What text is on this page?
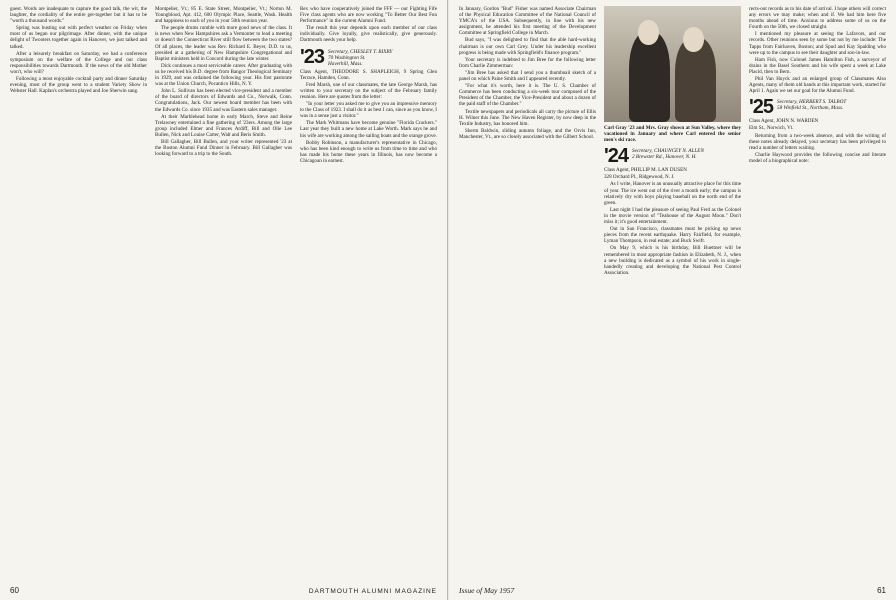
guest. Words are inadequate to capture the good talk, the wit, the laughter, the cordiality of the entire get-together but it has to be "worth a thousand words."

Spring was busting out with perfect weather on Friday when most of us began our pilgrimage. After dinner, with the unique delight of Twooters together again in Hanover, we just talked and talked.

After a leisurely breakfast on Saturday, we had a conference symposium on the welfare of the College and our class responsibilities towards Dartmouth. If the news of the old Mother won't, who will?

Following a most enjoyable cocktail party and dinner Saturday evening, most of the group went to a student Variety Show in Webster Hall. Kaplan's orchestra played and Joe Sherwin sang.

Montpelier, Vt.; 85 E. State Street, Montpelier, Vt.; Norton M. Youngblood, Apt. 412, 600 Olympic Place, Seattle, Wash. Health and happiness to each of you in your 50th reunion year.

The people drums rumble with more good news of the class. It is news when New Hampshires ask a Vermonter to lead a meeting or doesn't the Connecticut River still flow between the two states? Of all places, the leader was Rev. Richard E. Beyer, D.D. to us, presided at a gathering of New Hampshire Congregational and Baptist ministers held in Concord during the late winter.

Dick continues a most serviceable career. After graduating with us he received his B.D. degree from Bangor Theological Seminary in 1929, and was ordained the following year. His first pastorate was at the Union Church, Pocantico Hills, N. Y.

John L. Sullivan has been elected vice-president and a member of the board of directors of Edwards and Co., Norwalk, Conn. Congratulations, Jack. Our newest board member has been with the Edwards Co. since 1935 and was Eastern sales manager.

At their Marblehead home in early March, Steve and Reine Trelawney entertained a fine gathering of '23ers. Among the large group included Elmer and Frances Ardiff, Bill and Olie Lee Bullen, Nick and Louise Carter, Walt and Beris Smith.

Bill Gallagher, Bill Bullen, and your writer represented '23 at the Boston Alumni Fund Dinner in February. Bill Gallagher was looking forward to a trip to the South.

Rex who have cooperatively joined the FFF — our Fighting Fife Five class agents who are now working "To Better Our Best Fun Performance" in the current Alumni Fund.

The result this year depends upon each member of our class individually. Give loyally, give realistically, give generously. Dartmouth needs your help.

'23 Secretary, CHESLEY T. BIXBY
70 Washington St.
Haverhill, Mass.

Class Agent, THEODORE S. SHAPLEIGH, 9 Spring Glen Terrace, Hamden, Conn.

Fred Marsh, one of our classmates, the late George Marsh, has written to your secretary on the subject of the February family reunion. Here are quotes from the letter:

"In your letter you asked me to give you an impressive memory to the Class of 1923. I shall do it as best I can, since as you know, I was in a sense just a visitor."

The Mark Whitmans have become genuine "Florida Crackers." Last year they built a new home at Lake Worth. Mark says he and his wife are working among the sailing boats and the orange grove.

Bobby Robinson, a manufacturer's representative in Chicago, who has been kind enough to write us from time to time and who has made his home these years in Illinois, has now become a Chicagoan in earnest.

60	DARTMOUTH ALUMNI MAGAZINE

In January, Gordon "Bud" Fisher was named Associate Chairman of the Physical Education Committee of the National Council of YMCA's of the USA. Subsequently, in line with his new assignment, he attended his first meeting of the Development Committee at Springfield College in March.

Bud says, "I was delighted to find that the able hard-working chairman is our own Carl Grey. Under his leadership excellent progress is being made with Springfield's finance program."

Your secretary is indebted to Jim Bree for the following letter from Charlie Zimmerman:

"Jim Bree has asked that I send you a thumbnail sketch of a panel on which Paine Smith and I appeared recently.

"For what it's worth, here it is. The U. S. Chamber of Commerce has been conducting a six-week tour composed of the President of the Chamber, the Vice-President and about a dozen of the paid staff of the Chamber."

Textile newspapers and periodicals all carry the picture of Ellis H. Wilner this June. The New Haven Register, by now deep in the Textile Industry, has honored him.

Sherm Baldwin, sliding autumn foliage, and the Orvis Inn, Manchester, Vt., are so closely associated with the Gilbert School.

Carl Gray '23 and Mrs. Gray shown at Sun Valley, where they vacationed in January and where Carl entered the senior men's ski race.
'24 Secretary, CHAUNCEY N. ALLEN
2 Brewster Rd., Hanover, N. H.

Class Agent, PHILLIP M. LAN DUSEN

328 Orchard Pl., Ridgewood, N. J.

As I write, Hanover is an unusually attractive place for this time of year. The ice went out of the river a month early; the campus is relatively dry with boys playing baseball on the north end of the green.

Last night I had the pleasure of seeing Paul Ferd as the Colonel in the movie version of "Teahouse of the August Moon." Don't miss it; it's good entertainment.

Out in San Francisco, classmates must be picking up news pieces from the recent earthquake. Harry Fairfield, for example, Lyman Thompson, in real estate; and Buck Swift.

On May 9, which is his birthday, Bill Buettner will be remembered in most appropriate fashion in Elizabeth, N. J., when a new building is dedicated as a symbol of his work in single-handedly creating and developing the National Pest Control Association.

rects-out records as to his date of arrival. I hope others will correct any errors we may make; when and if. We had him here five months ahead of time. Anxious to address some of us on the Fourth on the 50th, we closed straight.

I mentioned my pleasure at seeing the Lafavors, and our records. Other reunions seen by some but not by me include: The Tapps from Fairhaven, Boston; and Spud and Kay Spalding who were up to the campus to see their daughter and son-in-law.

Ham Fish, now Colonel James Hamilton Fish, a surveyor of drains in the Basel Southern and his wife spent a week at Lake Placid, then to Bern.

Phil Van Huyck and an enlarged group of Classmates Also Agents, many of them old hands at this important work, started for April 1. Again we set our goal for the Alumni Fund.

'25 Secretary, HERBERT S. TALBOT
58 Winfield St., Northam, Mass.

Class Agent, JOHN N. WARDEN

Elm St., Norwich, Vt.

Returning from a two-week absence, and with the writing of these notes already delayed, your secretary has been privileged to read a number of letters waiting.

Charlie Haywood provides the following concise and literate model of a biographical note:

Issue of May 1957	61
